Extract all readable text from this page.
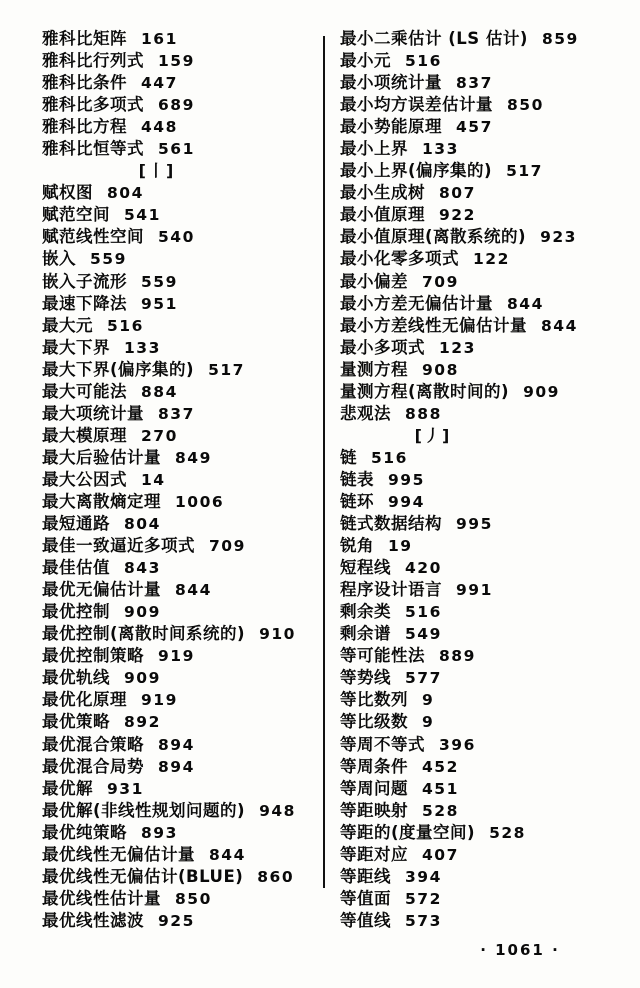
雅科比矩阵 161
雅科比行列式 159
雅科比条件 447
雅科比多项式 689
雅科比方程 448
雅科比恒等式 561
[丨]
赋权图 804
赋范空间 541
赋范线性空间 540
嵌入 559
嵌入子流形 559
最速下降法 951
最大元 516
最大下界 133
最大下界(偏序集的) 517
最大可能法 884
最大项统计量 837
最大模原理 270
最大后验估计量 849
最大公因式 14
最大离散熵定理 1006
最短通路 804
最佳一致逼近多项式 709
最佳估值 843
最优无偏估计量 844
最优控制 909
最优控制(离散时间系统的) 910
最优控制策略 919
最优轨线 909
最优化原理 919
最优策略 892
最优混合策略 894
最优混合局势 894
最优解 931
最优解(非线性规划问题的) 948
最优纯策略 893
最优线性无偏估计量 844
最优线性无偏估计(BLUE) 860
最优线性估计量 850
最优线性滤波 925
最小二乘估计 (LS 估计) 859
最小元 516
最小项统计量 837
最小均方误差估计量 850
最小势能原理 457
最小上界 133
最小上界(偏序集的) 517
最小生成树 807
最小值原理 922
最小值原理(离散系统的) 923
最小化零多项式 122
最小偏差 709
最小方差无偏估计量 844
最小方差线性无偏估计量 844
最小多项式 123
量测方程 908
量测方程(离散时间的) 909
悲观法 888
[丿]
链 516
链表 995
链环 994
链式数据结构 995
锐角 19
短程线 420
程序设计语言 991
剩余类 516
剩余谱 549
等可能性法 889
等势线 577
等比数列 9
等比级数 9
等周不等式 396
等周条件 452
等周问题 451
等距映射 528
等距的(度量空间) 528
等距对应 407
等距线 394
等值面 572
等值线 573
· 1061 ·
